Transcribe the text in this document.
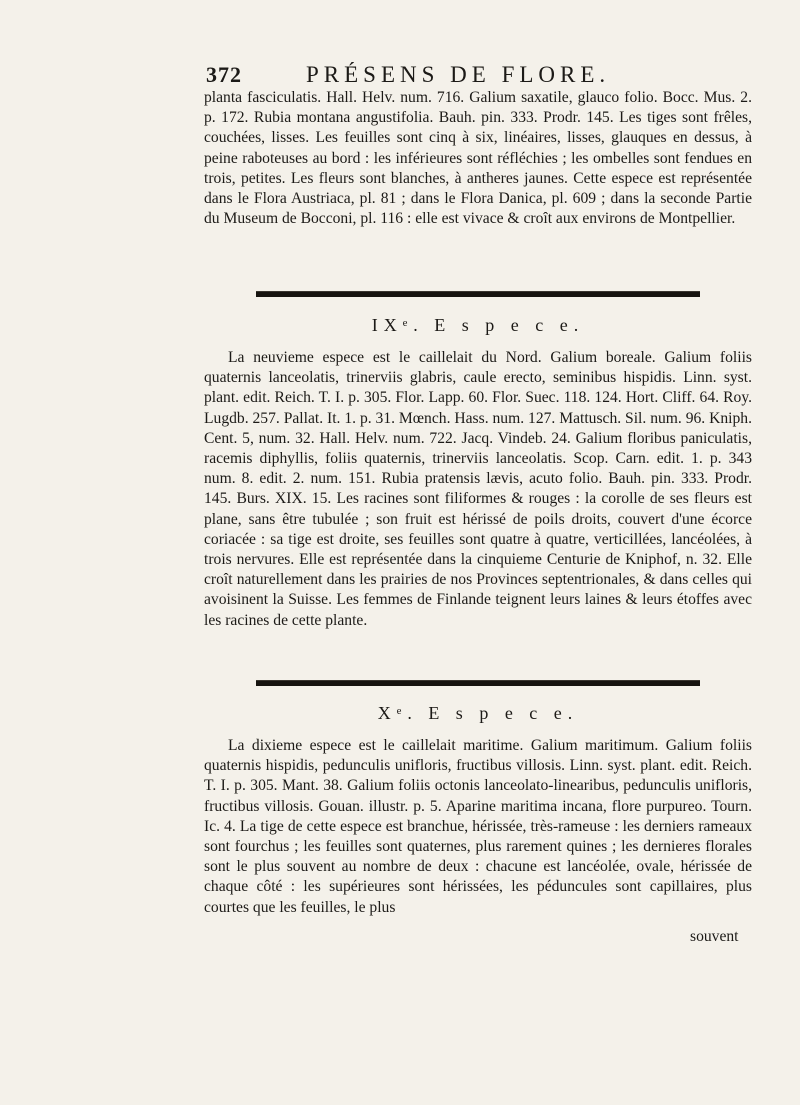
372	PRÉSENS DE FLORE.

planta fasciculatis. Hall. Helv. num. 716. Galium saxatile, glauco folio. Bocc. Mus. 2. p. 172. Rubia montana angustifolia. Bauh. pin. 333. Prodr. 145. Les tiges sont frêles, couchées, lisses. Les feuilles sont cinq à six, linéaires, lisses, glauques en dessus, à peine raboteuses au bord : les inférieures sont réfléchies ; les ombelles sont fendues en trois, petites. Les fleurs sont blanches, à antheres jaunes. Cette espece est représentée dans le Flora Austriaca, pl. 81 ; dans le Flora Danica, pl. 609 ; dans la seconde Partie du Museum de Bocconi, pl. 116 : elle est vivace & croît aux environs de Montpellier.

IXᵉ. E s p e c e.

La neuvieme espece est le caillelait du Nord. Galium boreale. Galium foliis quaternis lanceolatis, trinerviis glabris, caule erecto, seminibus hispidis. Linn. syst. plant. edit. Reich. T. I. p. 305. Flor. Lapp. 60. Flor. Suec. 118. 124. Hort. Cliff. 64. Roy. Lugdb. 257. Pallat. It. 1. p. 31. Mœnch. Hass. num. 127. Mattusch. Sil. num. 96. Kniph. Cent. 5, num. 32. Hall. Helv. num. 722. Jacq. Vindeb. 24. Galium floribus paniculatis, racemis diphyllis, foliis quaternis, trinerviis lanceolatis. Scop. Carn. edit. 1. p. 343 num. 8. edit. 2. num. 151. Rubia pratensis lævis, acuto folio. Bauh. pin. 333. Prodr. 145. Burs. XIX. 15. Les racines sont filiformes & rouges : la corolle de ses fleurs est plane, sans être tubulée ; son fruit est hérissé de poils droits, couvert d'une écorce coriacée : sa tige est droite, ses feuilles sont quatre à quatre, verticillées, lancéolées, à trois nervures. Elle est représentée dans la cinquieme Centurie de Kniphof, n. 32. Elle croît naturellement dans les prairies de nos Provinces septentrionales, & dans celles qui avoisinent la Suisse. Les femmes de Finlande teignent leurs laines & leurs étoffes avec les racines de cette plante.

Xᵉ. E s p e c e.

La dixieme espece est le caillelait maritime. Galium maritimum. Galium foliis quaternis hispidis, pedunculis unifloris, fructibus villosis. Linn. syst. plant. edit. Reich. T. I. p. 305. Mant. 38. Galium foliis octonis lanceolato-linearibus, pedunculis unifloris, fructibus villosis. Gouan. illustr. p. 5. Aparine maritima incana, flore purpureo. Tourn. Ic. 4. La tige de cette espece est branchue, hérissée, très-rameuse : les derniers rameaux sont fourchus ; les feuilles sont quaternes, plus rarement quines ; les dernieres florales sont le plus souvent au nombre de deux : chacune est lancéolée, ovale, hérissée de chaque côté : les supérieures sont hérissées, les péduncules sont capillaires, plus courtes que les feuilles, le plus

souvent
